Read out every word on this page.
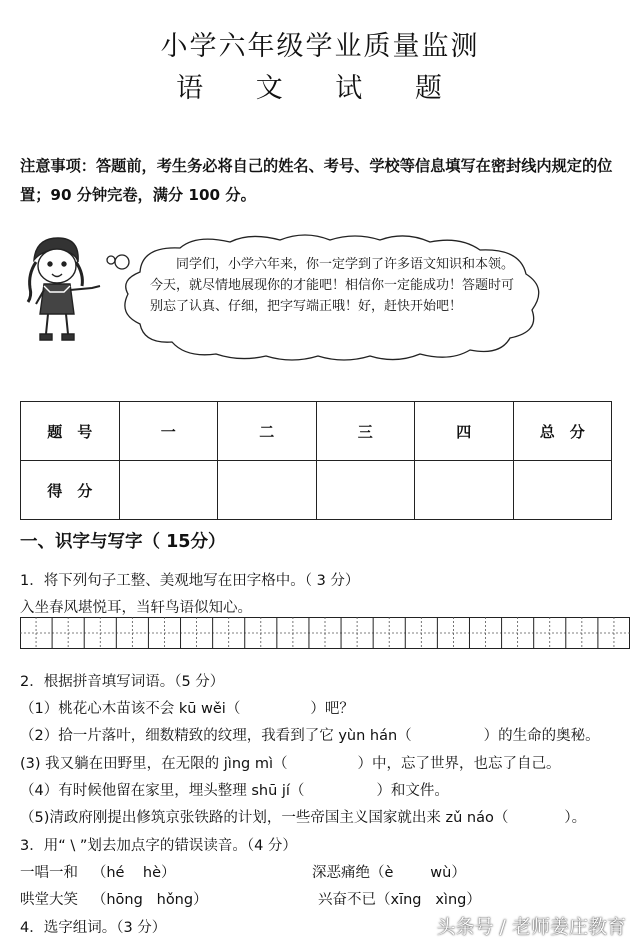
小学六年级学业质量监测
语 文 试 题
注意事项：答题前，考生务必将自己的姓名、考号、学校等信息填写在密封线内规定的位置；90 分钟完卷，满分 100 分。
同学们，小学六年来，你一定学到了许多语文知识和本领。今天，就尽情地展现你的才能吧！相信你一定能成功！答题时可别忘了认真、仔细，把字写端正哦！好，赶快开始吧！
题　号	一	二	三	四	总　分
得　分					
一、识字与写字（ 15分）
1．将下列句子工整、美观地写在田字格中。（ 3 分）
入坐春风堪悦耳，当轩鸟语似知心。
2．根据拼音填写词语。（5 分）
（1）桃花心木苗该不会 kū wěi（	）吧？
（2）拾一片落叶，细数精致的纹理，我看到了它 yùn hán（	）的生命的奥秘。
(3) 我又躺在田野里，在无限的 jìng mì（	）中，忘了世界，也忘了自己。
（4）有时候他留在家里，埋头整理 shū jí（	）和文件。
（5)清政府刚提出修筑京张铁路的计划，一些帝国主义国家就出来 zǔ náo（	）。
3．用“ \ ”划去加点字的错误读音。（4 分）
一唱一和 （hé hè）	深恶痛绝（è	wù）
哄堂大笑 （hōng hǒng）	兴奋不已（xīng xìng）
4．选字组词。（3 分）	头条号 / 老师姜庄教育
